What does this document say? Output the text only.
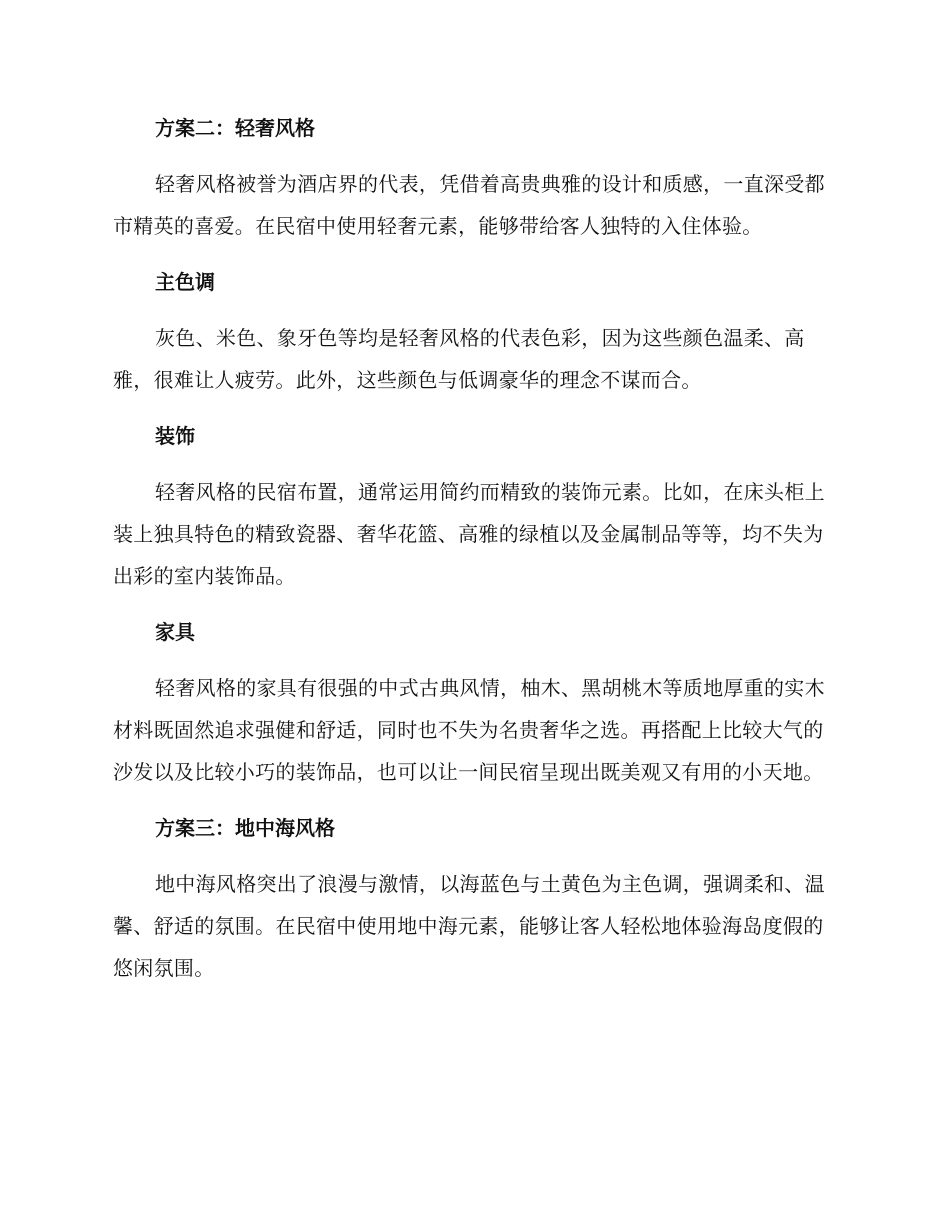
方案二：轻奢风格

轻奢风格被誉为酒店界的代表，凭借着高贵典雅的设计和质感，一直深受都市精英的喜爱。在民宿中使用轻奢元素，能够带给客人独特的入住体验。

主色调

灰色、米色、象牙色等均是轻奢风格的代表色彩，因为这些颜色温柔、高雅，很难让人疲劳。此外，这些颜色与低调豪华的理念不谋而合。

装饰

轻奢风格的民宿布置，通常运用简约而精致的装饰元素。比如，在床头柜上装上独具特色的精致瓷器、奢华花篮、高雅的绿植以及金属制品等等，均不失为出彩的室内装饰品。

家具

轻奢风格的家具有很强的中式古典风情，柚木、黑胡桃木等质地厚重的实木材料既固然追求强健和舒适，同时也不失为名贵奢华之选。再搭配上比较大气的沙发以及比较小巧的装饰品，也可以让一间民宿呈现出既美观又有用的小天地。

方案三：地中海风格

地中海风格突出了浪漫与激情，以海蓝色与土黄色为主色调，强调柔和、温馨、舒适的氛围。在民宿中使用地中海元素，能够让客人轻松地体验海岛度假的悠闲氛围。
